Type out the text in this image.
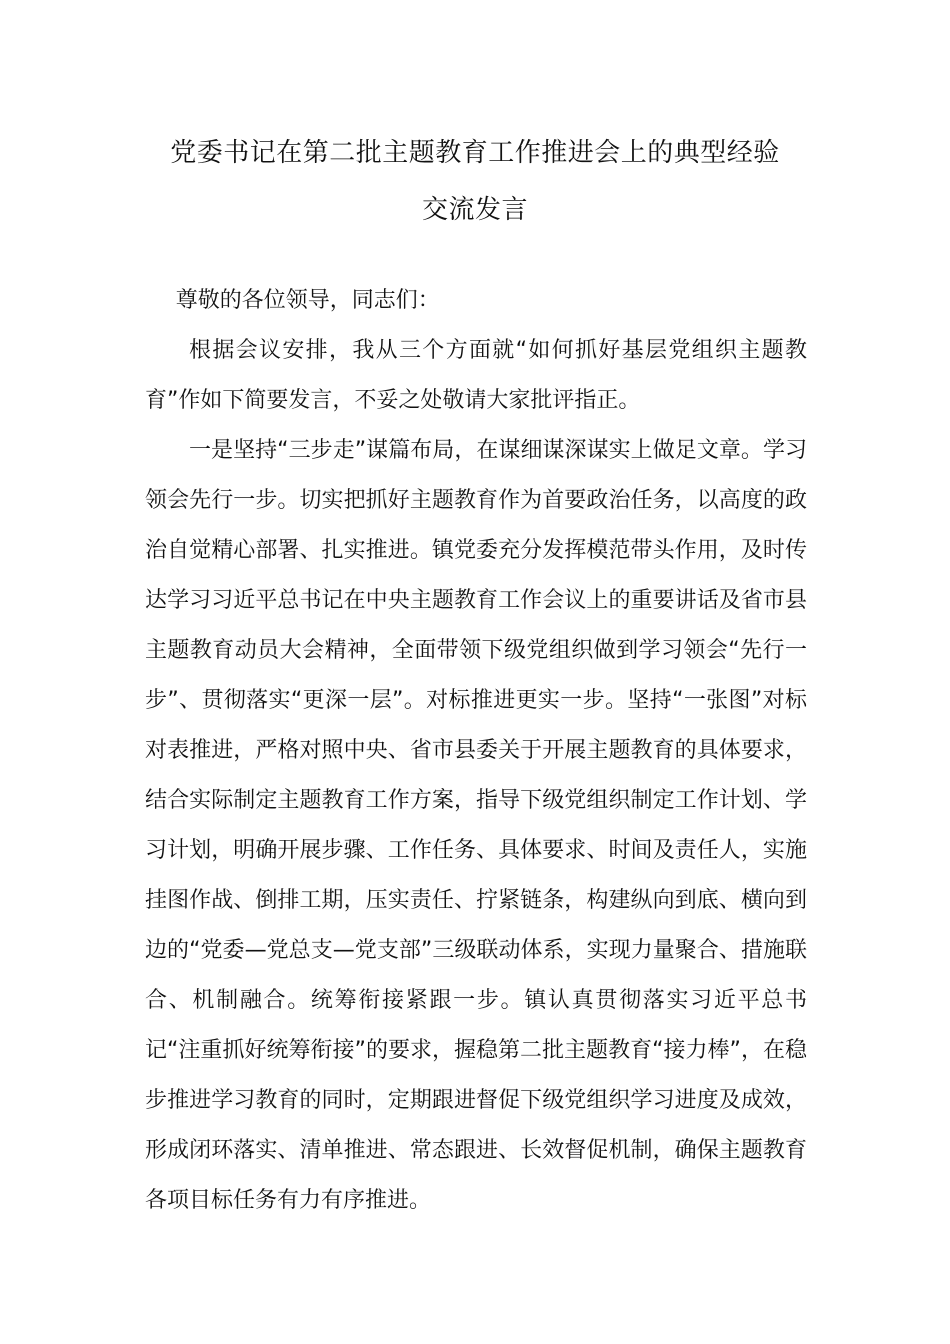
党委书记在第二批主题教育工作推进会上的典型经验
交流发言

尊敬的各位领导，同志们：

根据会议安排，我从三个方面就“如何抓好基层党组织主题教育”作如下简要发言，不妥之处敬请大家批评指正。

一是坚持“三步走”谋篇布局，在谋细谋深谋实上做足文章。学习领会先行一步。切实把抓好主题教育作为首要政治任务，以高度的政治自觉精心部署、扎实推进。镇党委充分发挥模范带头作用，及时传达学习习近平总书记在中央主题教育工作会议上的重要讲话及省市县主题教育动员大会精神，全面带领下级党组织做到学习领会“先行一步”、贯彻落实“更深一层”。对标推进更实一步。坚持“一张图”对标对表推进，严格对照中央、省市县委关于开展主题教育的具体要求，结合实际制定主题教育工作方案，指导下级党组织制定工作计划、学习计划，明确开展步骤、工作任务、具体要求、时间及责任人，实施挂图作战、倒排工期，压实责任、拧紧链条，构建纵向到底、横向到边的“党委—党总支—党支部”三级联动体系，实现力量聚合、措施联合、机制融合。统筹衔接紧跟一步。镇认真贯彻落实习近平总书记“注重抓好统筹衔接”的要求，握稳第二批主题教育“接力棒”，在稳步推进学习教育的同时，定期跟进督促下级党组织学习进度及成效，形成闭环落实、清单推进、常态跟进、长效督促机制，确保主题教育各项目标任务有力有序推进。
